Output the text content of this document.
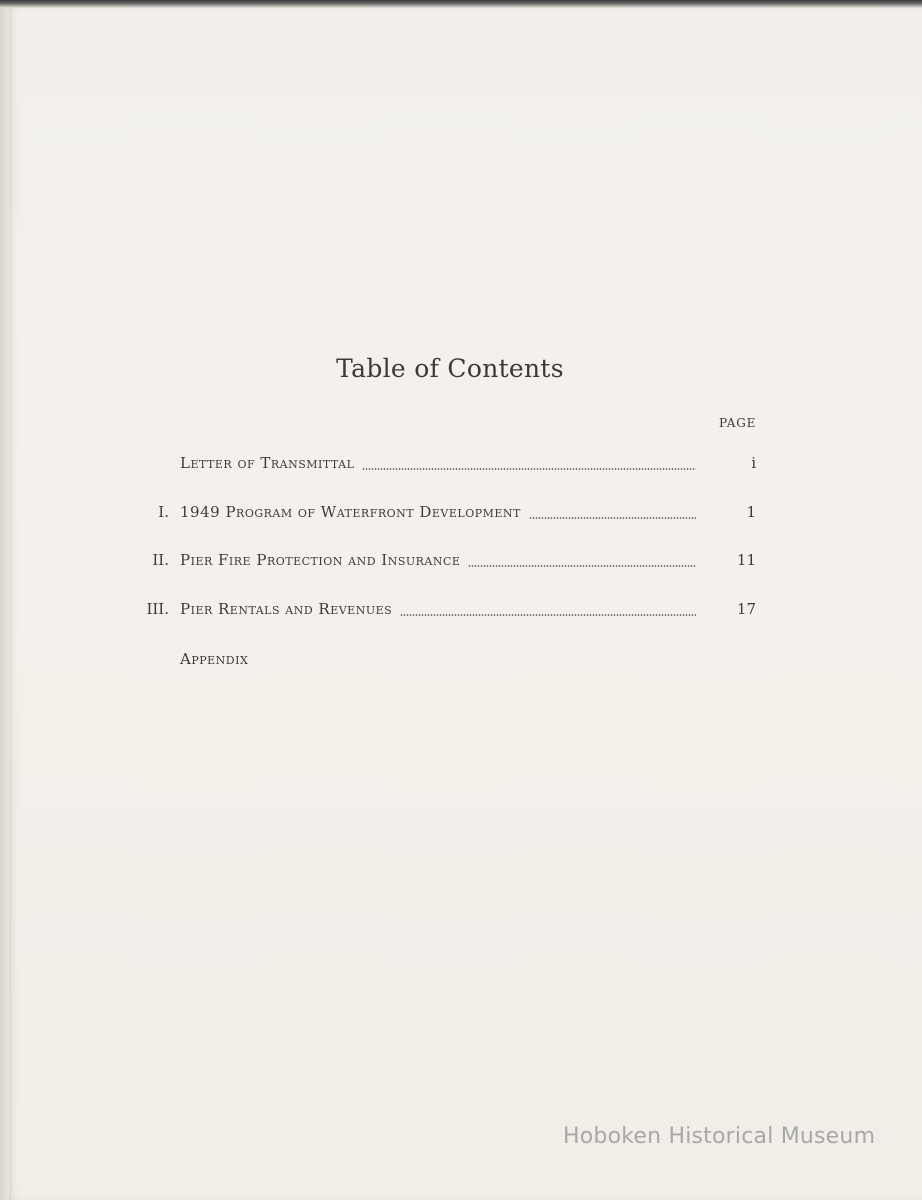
Table of Contents
PAGE
Letter of Transmittal	i
I. 1949 Program of Waterfront Development	1
II. Pier Fire Protection and Insurance	11
III. Pier Rentals and Revenues	17
Appendix
Hoboken Historical Museum
